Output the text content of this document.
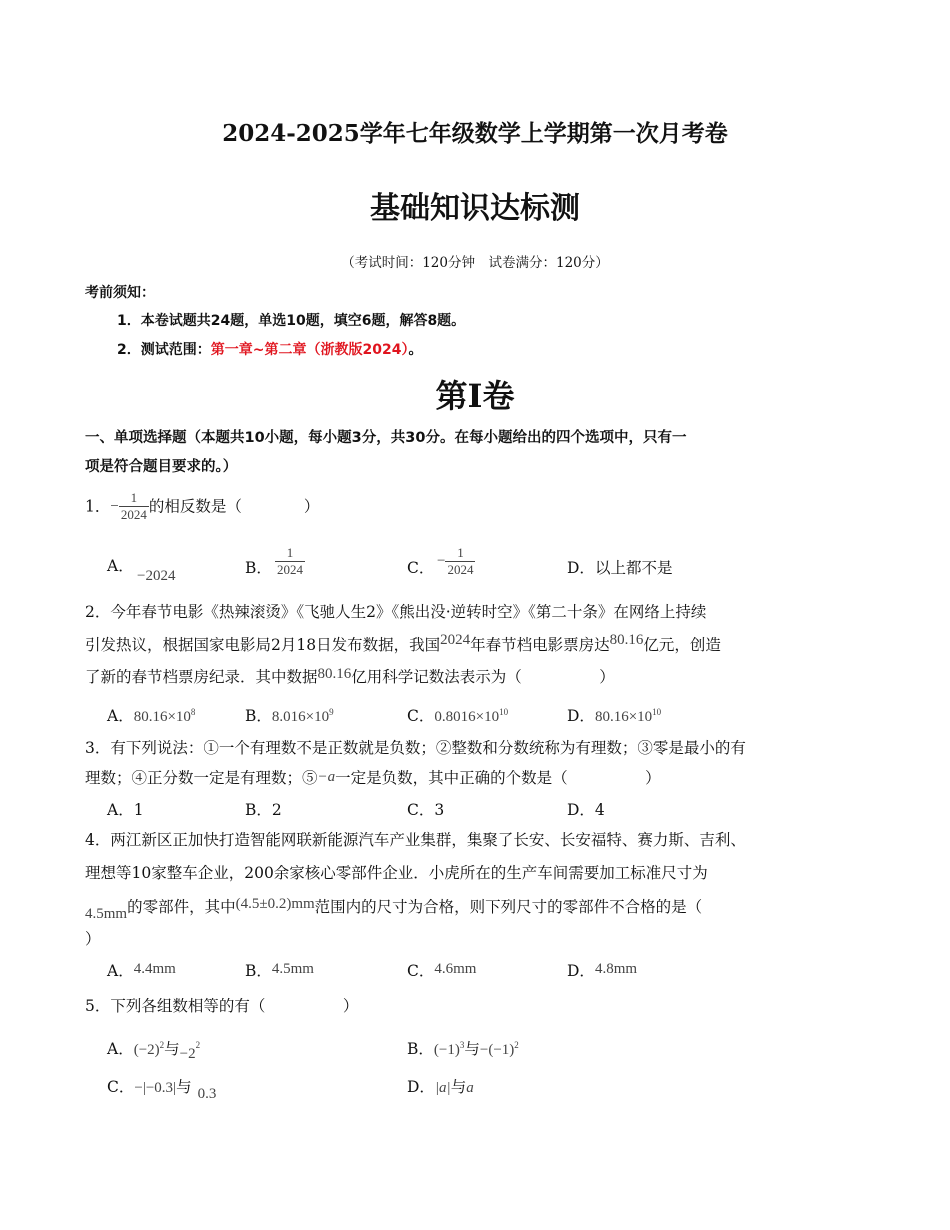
2024-2025学年七年级数学上学期第一次月考卷
基础知识达标测
（考试时间：120分钟　试卷满分：120分）
考前须知：
1．本卷试题共24题，单选10题，填空6题，解答8题。
2．测试范围：第一章~第二章（浙教版2024）。
第Ⅰ卷
一、单项选择题（本题共10小题，每小题3分，共30分。在每小题给出的四个选项中，只有一
项是符合题目要求的。）
1．− $\frac{1}{2024}$ 的相反数是（　　　　）
A．
−2024	B． $\frac{1}{2024}$	C． − $\frac{1}{2024}$	D．以上都不是
2．今年春节电影《热辣滚烫》《飞驰人生2》《熊出没·逆转时空》《第二十条》在网络上持续
引发热议，根据国家电影局2月18日发布数据，我国2024年春节档电影票房达80.16亿元，创造
了新的春节档票房纪录．其中数据80.16亿用科学记数法表示为（　　　　　）
A．$80.16\times 10^8$	B．$8.016\times 10^9$	C．$0.8016\times 10^{10}$	D．$80.16\times 10^{10}$
3．有下列说法：①一个有理数不是正数就是负数；②整数和分数统称为有理数；③零是最小的有
理数；④正分数一定是有理数；⑤−a一定是负数，其中正确的个数是（　　　　　）
A．1	B．2	C．3	D．4
4．两江新区正加快打造智能网联新能源汽车产业集群，集聚了长安、长安福特、赛力斯、吉利、
理想等10家整车企业，200余家核心零部件企业．小虎所在的生产车间需要加工标准尺寸为
4.5mm的零部件，其中(4.5±0.2)mm范围内的尺寸为合格，则下列尺寸的零部件不合格的是（
）
A．4.4mm	B．4.5mm	C．4.6mm	D．4.8mm
5．下列各组数相等的有（　　　　　）
A．$(-2)^2$与$-2^2$	B．$(-1)^3$与$-(-1)^2$
C．−|−0.3|与 0.3	D．|a|与a
